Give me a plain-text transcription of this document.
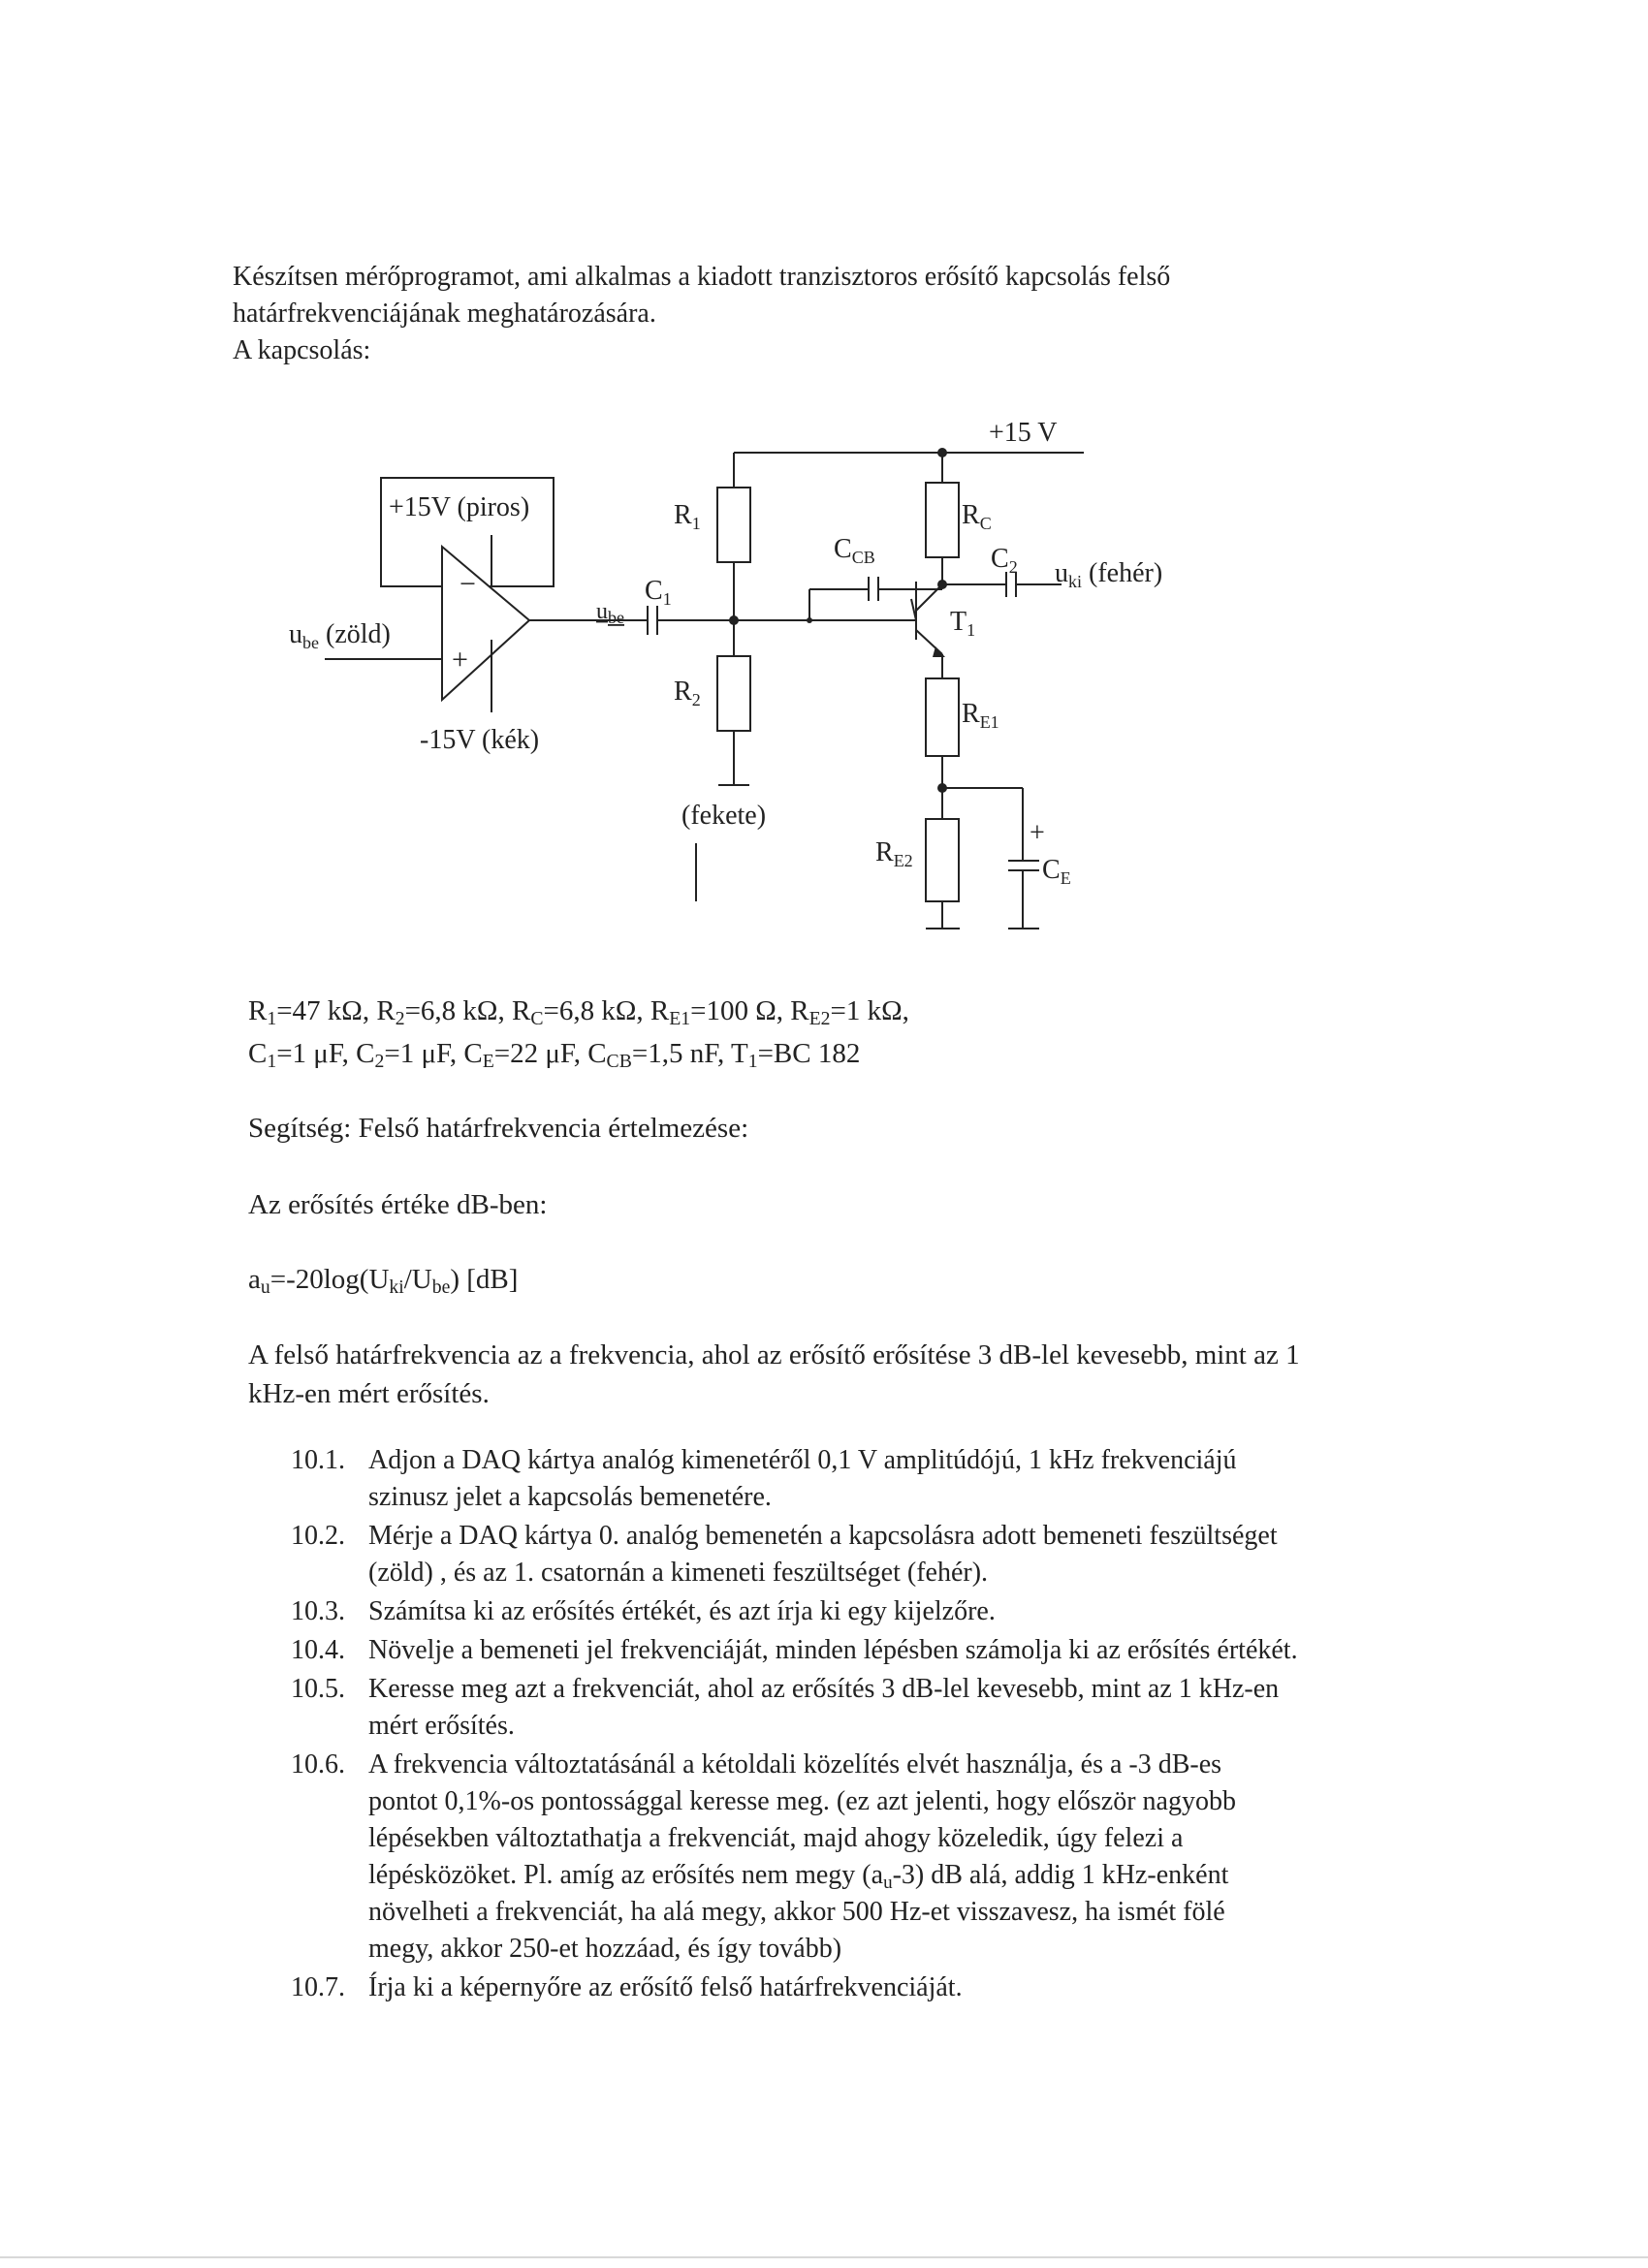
Készítsen mérőprogramot, ami alkalmas a kiadott tranzisztoros erősítő kapcsolás felső
határfrekvenciájának meghatározására.
A kapcsolás:
+15 V
+15V (piros)
-15V (kék)
−
+
$u_{be}$ (zöld)
$u_{be}$
$C_1$
$R_1$
$R_2$
$C_{CB}$
$R_C$
$C_2$ $u_{ki}$ (fehér)
$T_1$
$R_{E1}$
$R_{E2}$
+
$C_E$
(fekete)
$R_1=47$ kΩ, $R_2=6,8$ kΩ, $R_C=6,8$ kΩ, $R_{E1}=100$ Ω, $R_{E2}=1$ kΩ,
$C_1=1$ μF, $C_2=1$ μF, $C_E=22$ μF, $C_{CB}=1,5$ nF, $T_1=BC$ 182
Segítség: Felső határfrekvencia értelmezése:
Az erősítés értéke dB-ben:
$a_u=-20\log(U_{ki}/U_{be})$ [dB]
A felső határfrekvencia az a frekvencia, ahol az erősítő erősítése 3 dB-lel kevesebb, mint az 1
kHz-en mért erősítés.
10.1. Adjon a DAQ kártya analóg kimenetéről 0,1 V amplitúdójú, 1 kHz frekvenciájú
szinusz jelet a kapcsolás bemenetére.
10.2. Mérje a DAQ kártya 0. analóg bemenetén a kapcsolásra adott bemeneti feszültséget
(zöld) , és az 1. csatornán a kimeneti feszültséget (fehér).
10.3. Számítsa ki az erősítés értékét, és azt írja ki egy kijelzőre.
10.4. Növelje a bemeneti jel frekvenciáját, minden lépésben számolja ki az erősítés értékét.
10.5. Keresse meg azt a frekvenciát, ahol az erősítés 3 dB-lel kevesebb, mint az 1 kHz-en
mért erősítés.
10.6. A frekvencia változtatásánál a kétoldali közelítés elvét használja, és a -3 dB-es
pontot 0,1%-os pontossággal keresse meg. (ez azt jelenti, hogy először nagyobb
lépésekben változtathatja a frekvenciát, majd ahogy közeledik, úgy felezi a
lépésközöket. Pl. amíg az erősítés nem megy $(a_u-3)$ dB alá, addig 1 kHz-enként
növelheti a frekvenciát, ha alá megy, akkor 500 Hz-et visszavesz, ha ismét fölé
megy, akkor 250-et hozzáad, és így tovább)
10.7. Írja ki a képernyőre az erősítő felső határfrekvenciáját.
